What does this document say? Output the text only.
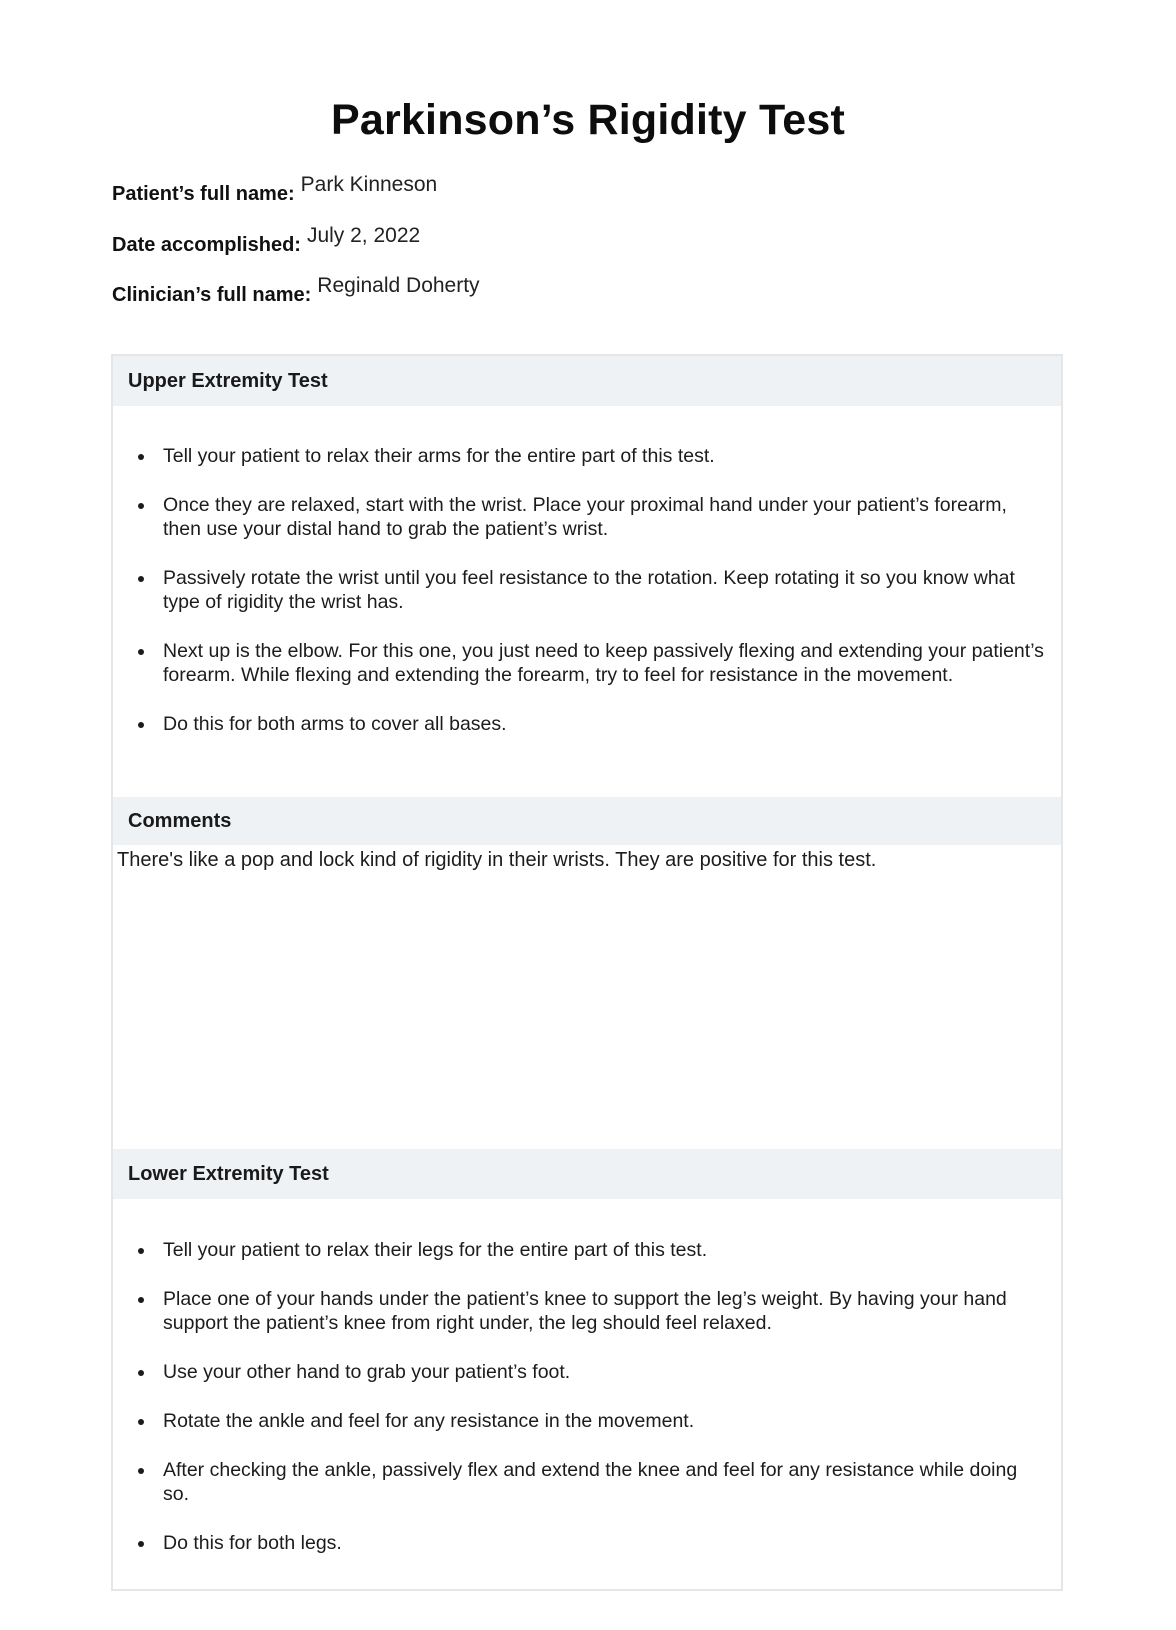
Parkinson’s Rigidity Test
Patient’s full name: Park Kinneson
Date accomplished: July 2, 2022
Clinician’s full name: Reginald Doherty
Upper Extremity Test
Tell your patient to relax their arms for the entire part of this test.
Once they are relaxed, start with the wrist. Place your proximal hand under your patient’s forearm, then use your distal hand to grab the patient’s wrist.
Passively rotate the wrist until you feel resistance to the rotation. Keep rotating it so you know what type of rigidity the wrist has.
Next up is the elbow. For this one, you just need to keep passively flexing and extending your patient’s forearm. While flexing and extending the forearm, try to feel for resistance in the movement.
Do this for both arms to cover all bases.
Comments
There's like a pop and lock kind of rigidity in their wrists. They are positive for this test.
Lower Extremity Test
Tell your patient to relax their legs for the entire part of this test.
Place one of your hands under the patient’s knee to support the leg’s weight. By having your hand support the patient’s knee from right under, the leg should feel relaxed.
Use your other hand to grab your patient’s foot.
Rotate the ankle and feel for any resistance in the movement.
After checking the ankle, passively flex and extend the knee and feel for any resistance while doing so.
Do this for both legs.
